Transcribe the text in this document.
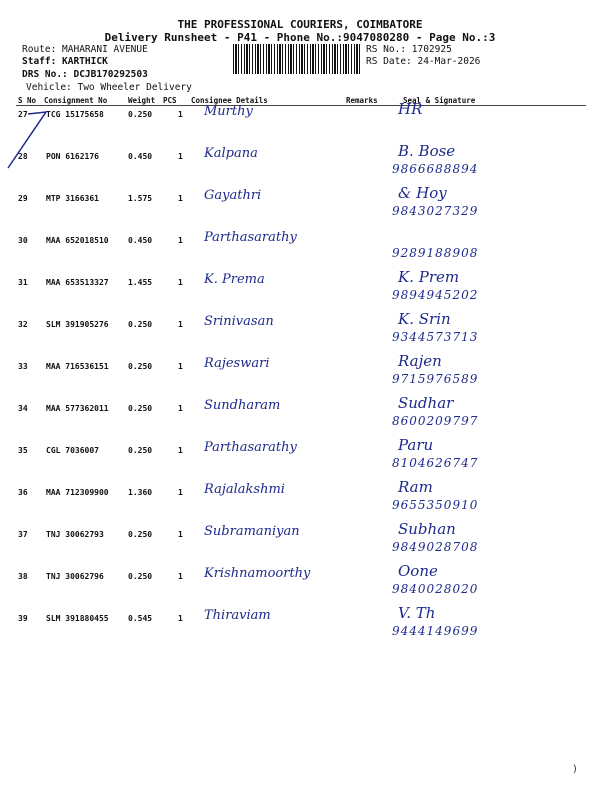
THE PROFESSIONAL COURIERS, COIMBATORE
Delivery Runsheet - P41 - Phone No.:9047080280 - Page No.:3
Route: MAHARANI AVENUE
Staff: KARTHICK
DRS No.: DCJB170292503
Vehicle: Two Wheeler Delivery
RS No.: 1702925
RS Date: 24-Mar-2026
S No Consignment No	Weight PCS Consignee Details	Remarks	Seal & Signature
27 TCG 15175658	0.250	1 Murthy	HR
28 PON 6162176	0.450	1 Kalpana	B. Bose
9866688894
29 MTP 3166361	1.575	1 Gayathri	& Hoy
9843027329
30 MAA 652018510 0.450	1 Parthasarathy
9289188908
31 MAA 653513327 1.455	1 K. Prema	K. Prem
9894945202
32 SLM 391905276 0.250	1 Srinivasan	K. Srin
9344573713
33 MAA 716536151 0.250	1 Rajeswari	Rajen
9715976589
34 MAA 577362011 0.250	1 Sundharam	Sudhar
8600209797
35 CGL 7036007	0.250	1 Parthasarathy	Paru
8104626747
36 MAA 712309900 1.360	1 Rajalakshmi	Ram
9655350910
37 TNJ 30062793	0.250	1 Subramaniyan	Subhan
9849028708
38 TNJ 30062796	0.250	1 Krishnamoorthy	Oone
9840028020
39 SLM 391880455 0.545	1 Thiraviam	V. Th
9444149699
)
